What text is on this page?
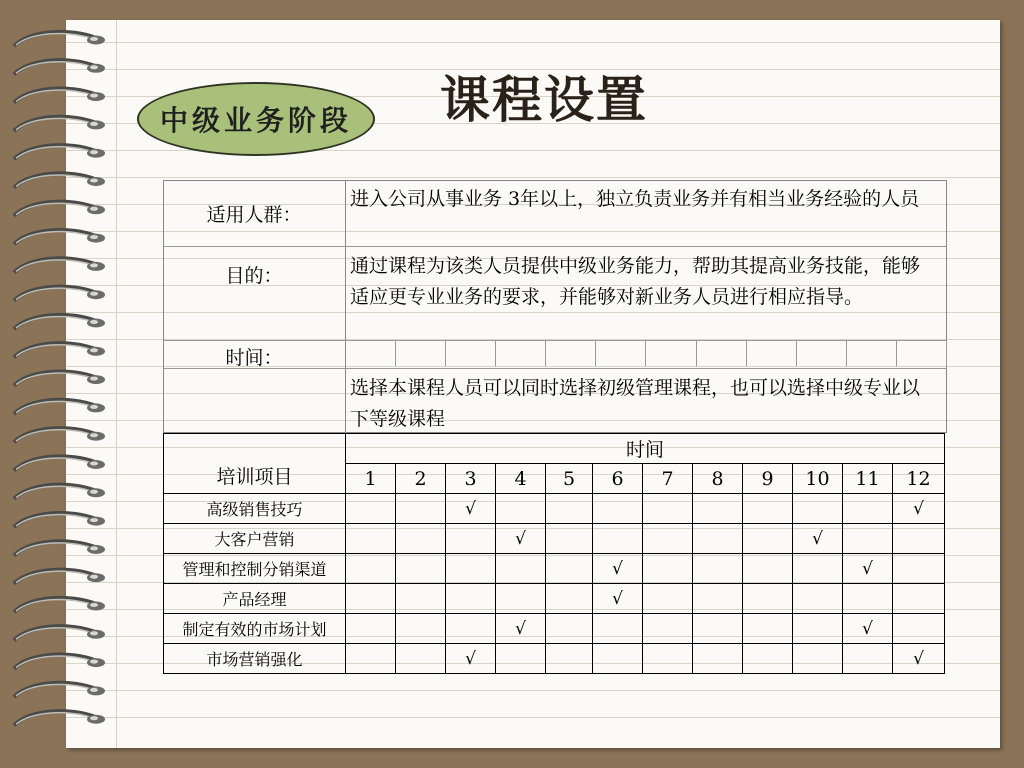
中级业务阶段 课程设置
适用人群：
进入公司从事业务 3年以上，独立负责业务并有相当业务经验的人员
目的：	通过课程为该类人员提供中级业务能力，帮助其提高业务技能，能够适应更专业业务的要求，并能够对新业务人员进行相应指导。
时间：
选择本课程人员可以同时选择初级管理课程，也可以选择中级专业以下等级课程
培训项目	时间											
	1	2	3	4	5	6	7	8	9	10	11	12
高级销售技巧			√									√
大客户营销				√						√		
管理和控制分销渠道						√					√	
产品经理						√						
制定有效的市场计划				√							√	
市场营销强化			√									√
